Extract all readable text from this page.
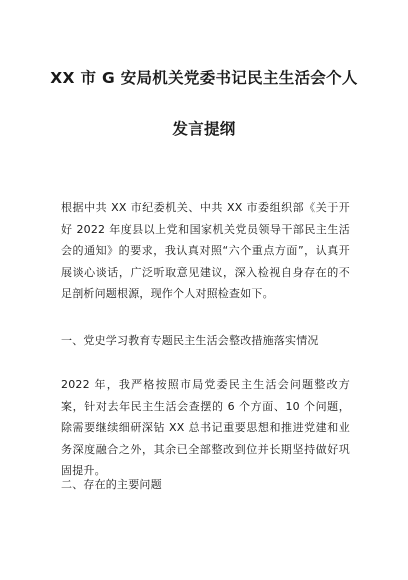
XX 市 G 安局机关党委书记民主生活会个人
发言提纲

根据中共 XX 市纪委机关、中共 XX 市委组织部《关于开好 2022 年度县以上党和国家机关党员领导干部民主生活会的通知》的要求，我认真对照“六个重点方面”，认真开展谈心谈话，广泛听取意见建议，深入检视自身存在的不足剖析问题根源，现作个人对照检查如下。

一、党史学习教育专题民主生活会整改措施落实情况

2022 年，我严格按照市局党委民主生活会问题整改方案，针对去年民主生活会查摆的 6 个方面、10 个问题，除需要继续细研深钻 XX 总书记重要思想和推进党建和业务深度融合之外，其余已全部整改到位并长期坚持做好巩固提升。

二、存在的主要问题
